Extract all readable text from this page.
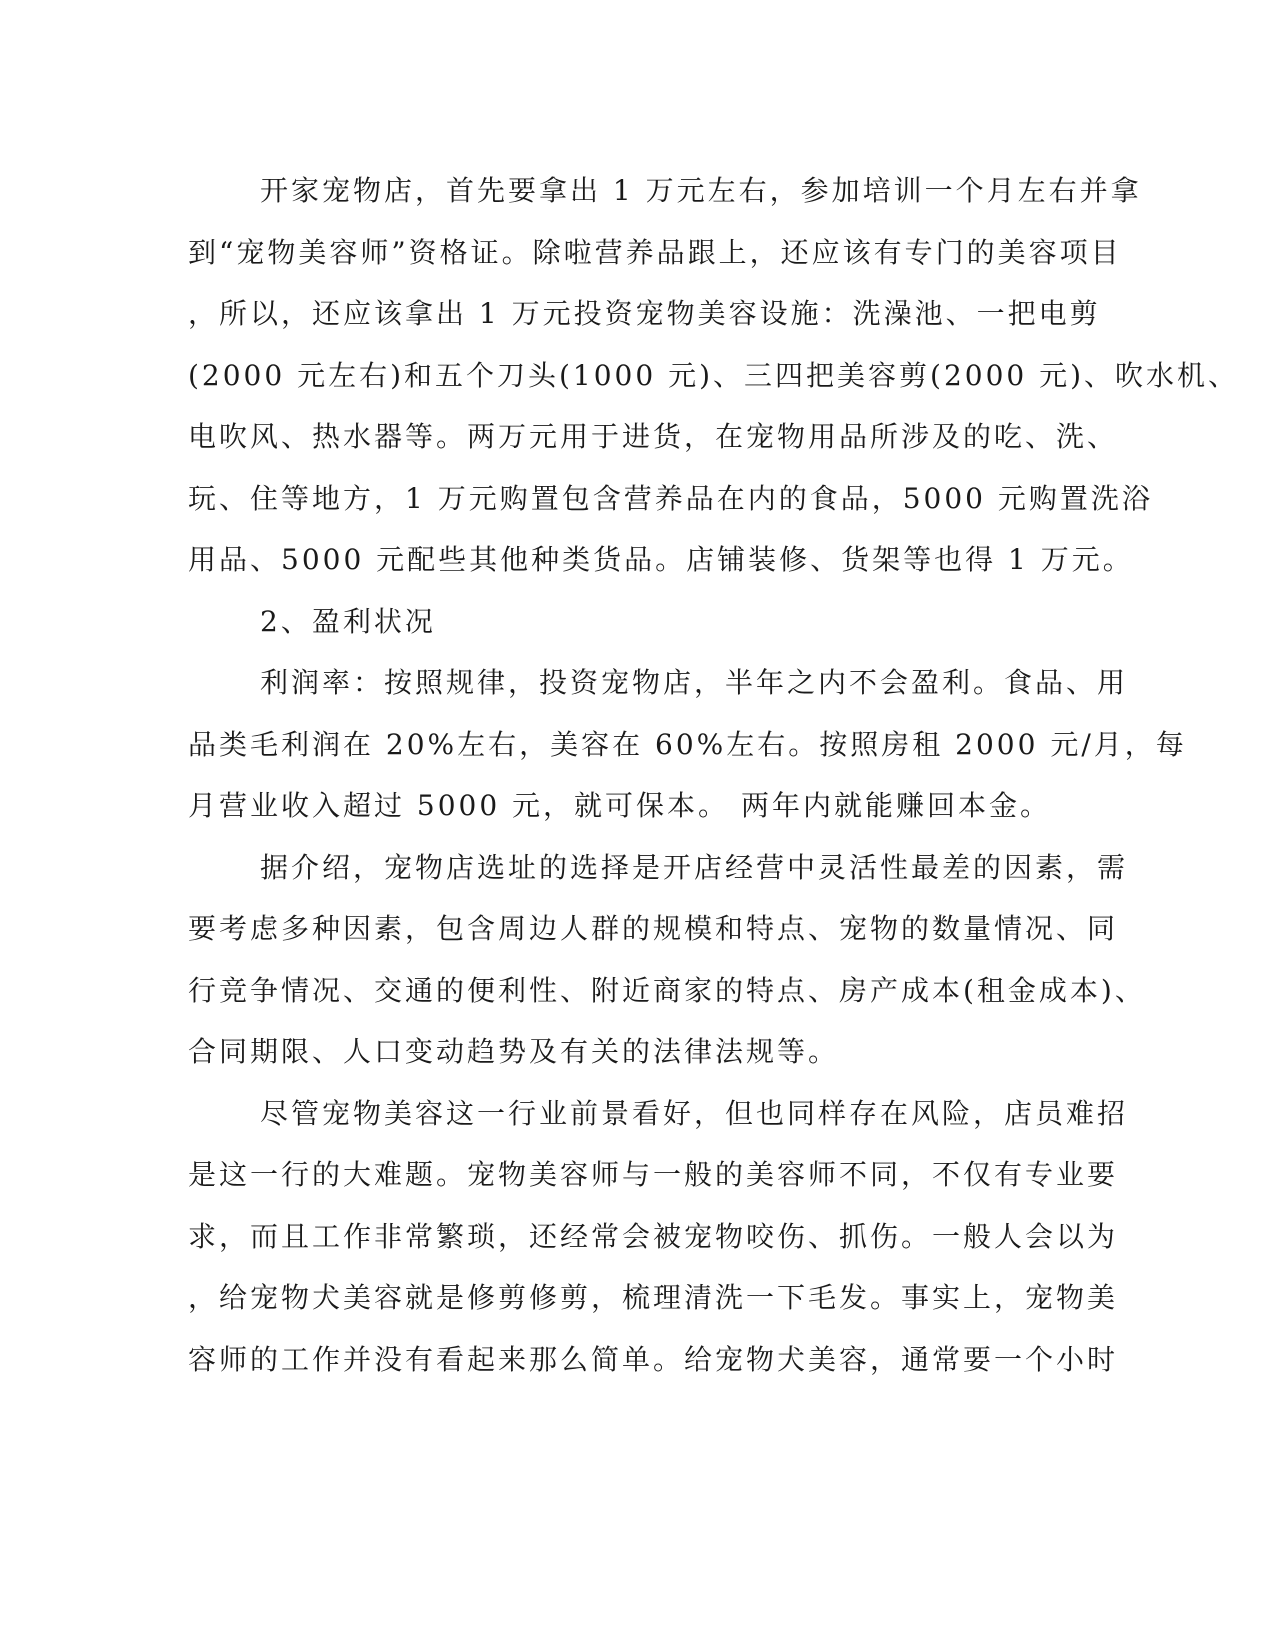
开家宠物店，首先要拿出 1 万元左右，参加培训一个月左右并拿
到“宠物美容师”资格证。除啦营养品跟上，还应该有专门的美容项目
，所以，还应该拿出 1 万元投资宠物美容设施：洗澡池、一把电剪
(2000 元左右)和五个刀头(1000 元)、三四把美容剪(2000 元)、吹水机、
电吹风、热水器等。两万元用于进货，在宠物用品所涉及的吃、洗、
玩、住等地方，1 万元购置包含营养品在内的食品，5000 元购置洗浴
用品、5000 元配些其他种类货品。店铺装修、货架等也得 1 万元。
2、盈利状况
利润率：按照规律，投资宠物店，半年之内不会盈利。食品、用
品类毛利润在 20%左右，美容在 60%左右。按照房租 2000 元/月，每
月营业收入超过 5000 元，就可保本。 两年内就能赚回本金。
据介绍，宠物店选址的选择是开店经营中灵活性最差的因素，需
要考虑多种因素，包含周边人群的规模和特点、宠物的数量情况、同
行竞争情况、交通的便利性、附近商家的特点、房产成本(租金成本)、
合同期限、人口变动趋势及有关的法律法规等。
尽管宠物美容这一行业前景看好，但也同样存在风险，店员难招
是这一行的大难题。宠物美容师与一般的美容师不同，不仅有专业要
求，而且工作非常繁琐，还经常会被宠物咬伤、抓伤。一般人会以为
，给宠物犬美容就是修剪修剪，梳理清洗一下毛发。事实上，宠物美
容师的工作并没有看起来那么简单。给宠物犬美容，通常要一个小时
